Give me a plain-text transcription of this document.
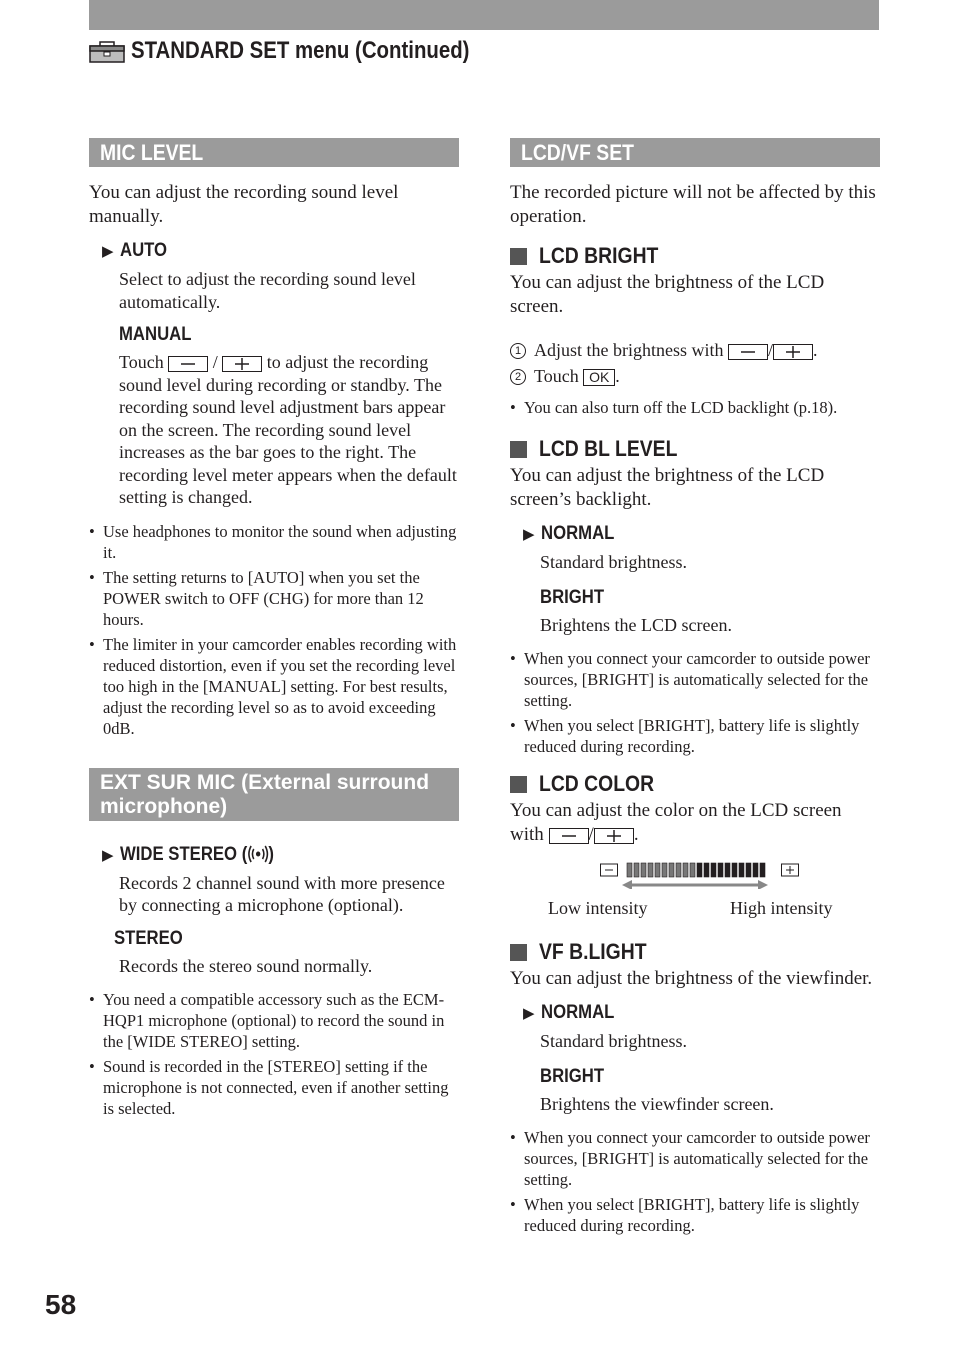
STANDARD SET menu (Continued)
MIC LEVEL
You can adjust the recording sound level manually.
▶ AUTO
Select to adjust the recording sound level automatically.
MANUAL
Touch	/	to adjust the recording sound level during recording or standby. The recording sound level adjustment bars appear on the screen. The recording sound level increases as the bar goes to the right. The recording level meter appears when the default setting is changed.
• Use headphones to monitor the sound when adjusting it.
• The setting returns to [AUTO] when you set the POWER switch to OFF (CHG) for more than 12 hours.
• The limiter in your camcorder enables recording with reduced distortion, even if you set the recording level too high in the [MANUAL] setting. For best results, adjust the recording level so as to avoid exceeding 0dB.
EXT SUR MIC (External surround microphone)
▶ WIDE STEREO ( )
Records 2 channel sound with more presence by connecting a microphone (optional).
STEREO
Records the stereo sound normally.
• You need a compatible accessory such as the ECM-HQP1 microphone (optional) to record the sound in the [WIDE STEREO] setting.
• Sound is recorded in the [STEREO] setting if the microphone is not connected, even if another setting is selected.
LCD/VF SET
The recorded picture will not be affected by this operation.
LCD BRIGHT
You can adjust the brightness of the LCD screen.
1 Adjust the brightness with / .
2 Touch OK .
• You can also turn off the LCD backlight (p.18).
LCD BL LEVEL
You can adjust the brightness of the LCD screen’s backlight.
▶ NORMAL
Standard brightness.
BRIGHT
Brightens the LCD screen.
• When you connect your camcorder to outside power sources, [BRIGHT] is automatically selected for the setting.
• When you select [BRIGHT], battery life is slightly reduced during recording.
LCD COLOR
You can adjust the color on the LCD screen with / .
Low intensity	High intensity
VF B.LIGHT
You can adjust the brightness of the viewfinder.
▶ NORMAL
Standard brightness.
BRIGHT
Brightens the viewfinder screen.
• When you connect your camcorder to outside power sources, [BRIGHT] is automatically selected for the setting.
• When you select [BRIGHT], battery life is slightly reduced during recording.
58
